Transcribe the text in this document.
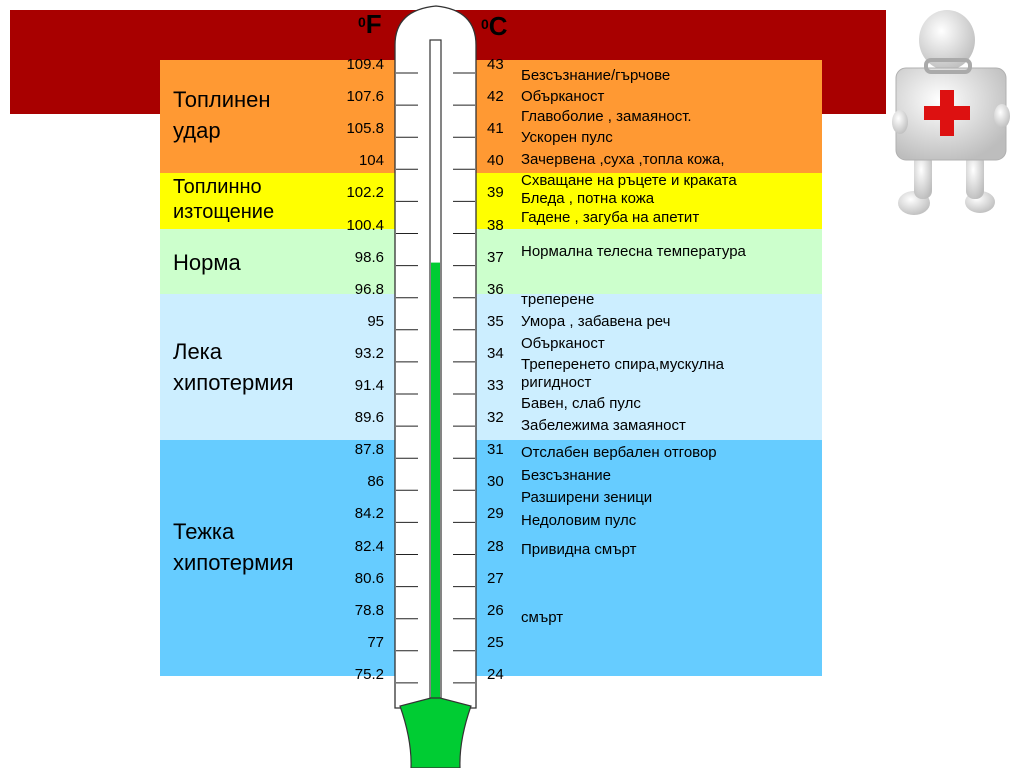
Топлинен
удар
Топлинно
изтощение
Норма
Лека
хипотермия
Тежка
хипотермия
$^0$F	$^0$C
109.4
107.6
105.8
104
102.2
100.4
98.6
96.8
95
93.2
91.4
89.6
87.8
86
84.2
82.4
80.6
78.8
77
75.2
43
42
41
40
39
38
37
36
35
34
33
32
31
30
29
28
27
26
25
24
Безсъзнание/гърчове
Объркaност
Главоболие , замаяност.
Ускорен пулс
Зачервена ,суха ,топла кожа,
Схващане на ръцете и краката
Бледа , потна кожа
Гадене , загуба на апетит
Нормална телесна температура
треперене
Умора , забавена реч
Обърканост
Треперенето спира,мускулна
ригидност
Бавен, слаб пулс
Забележима замаяност
Отслабен вербален отговор
Безсъзнание
Разширени зеници
Недоловим пулс
Привидна смърт
смърт
